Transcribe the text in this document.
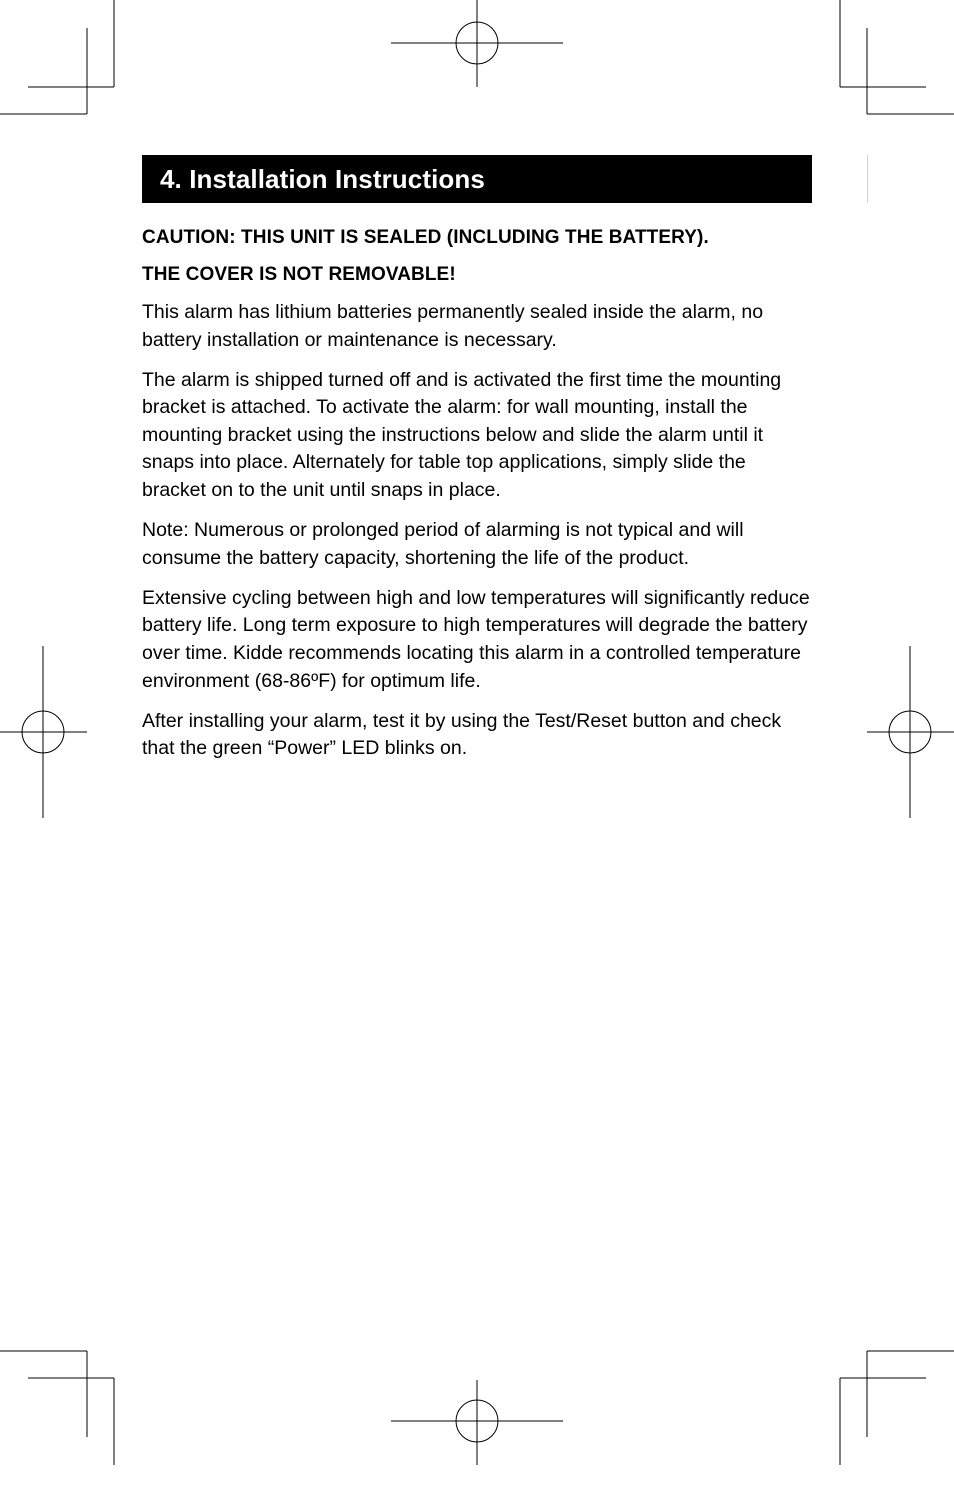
4. Installation Instructions

CAUTION: THIS UNIT IS SEALED (INCLUDING THE BATTERY).

THE COVER IS NOT REMOVABLE!

This alarm has lithium batteries permanently sealed inside the alarm, no battery installation or maintenance is necessary.

The alarm is shipped turned off and is activated the first time the mounting bracket is attached. To activate the alarm: for wall mounting, install the mounting bracket using the instructions below and slide the alarm until it snaps into place. Alternately for table top applications, simply slide the bracket on to the unit until snaps in place.

Note: Numerous or prolonged period of alarming is not typical and will consume the battery capacity, shortening the life of the product.

Extensive cycling between high and low temperatures will significantly reduce battery life. Long term exposure to high temperatures will degrade the battery over time. Kidde recommends locating this alarm in a controlled temperature environment (68-86ºF) for optimum life.

After installing your alarm, test it by using the Test/Reset button and check that the green “Power” LED blinks on.
